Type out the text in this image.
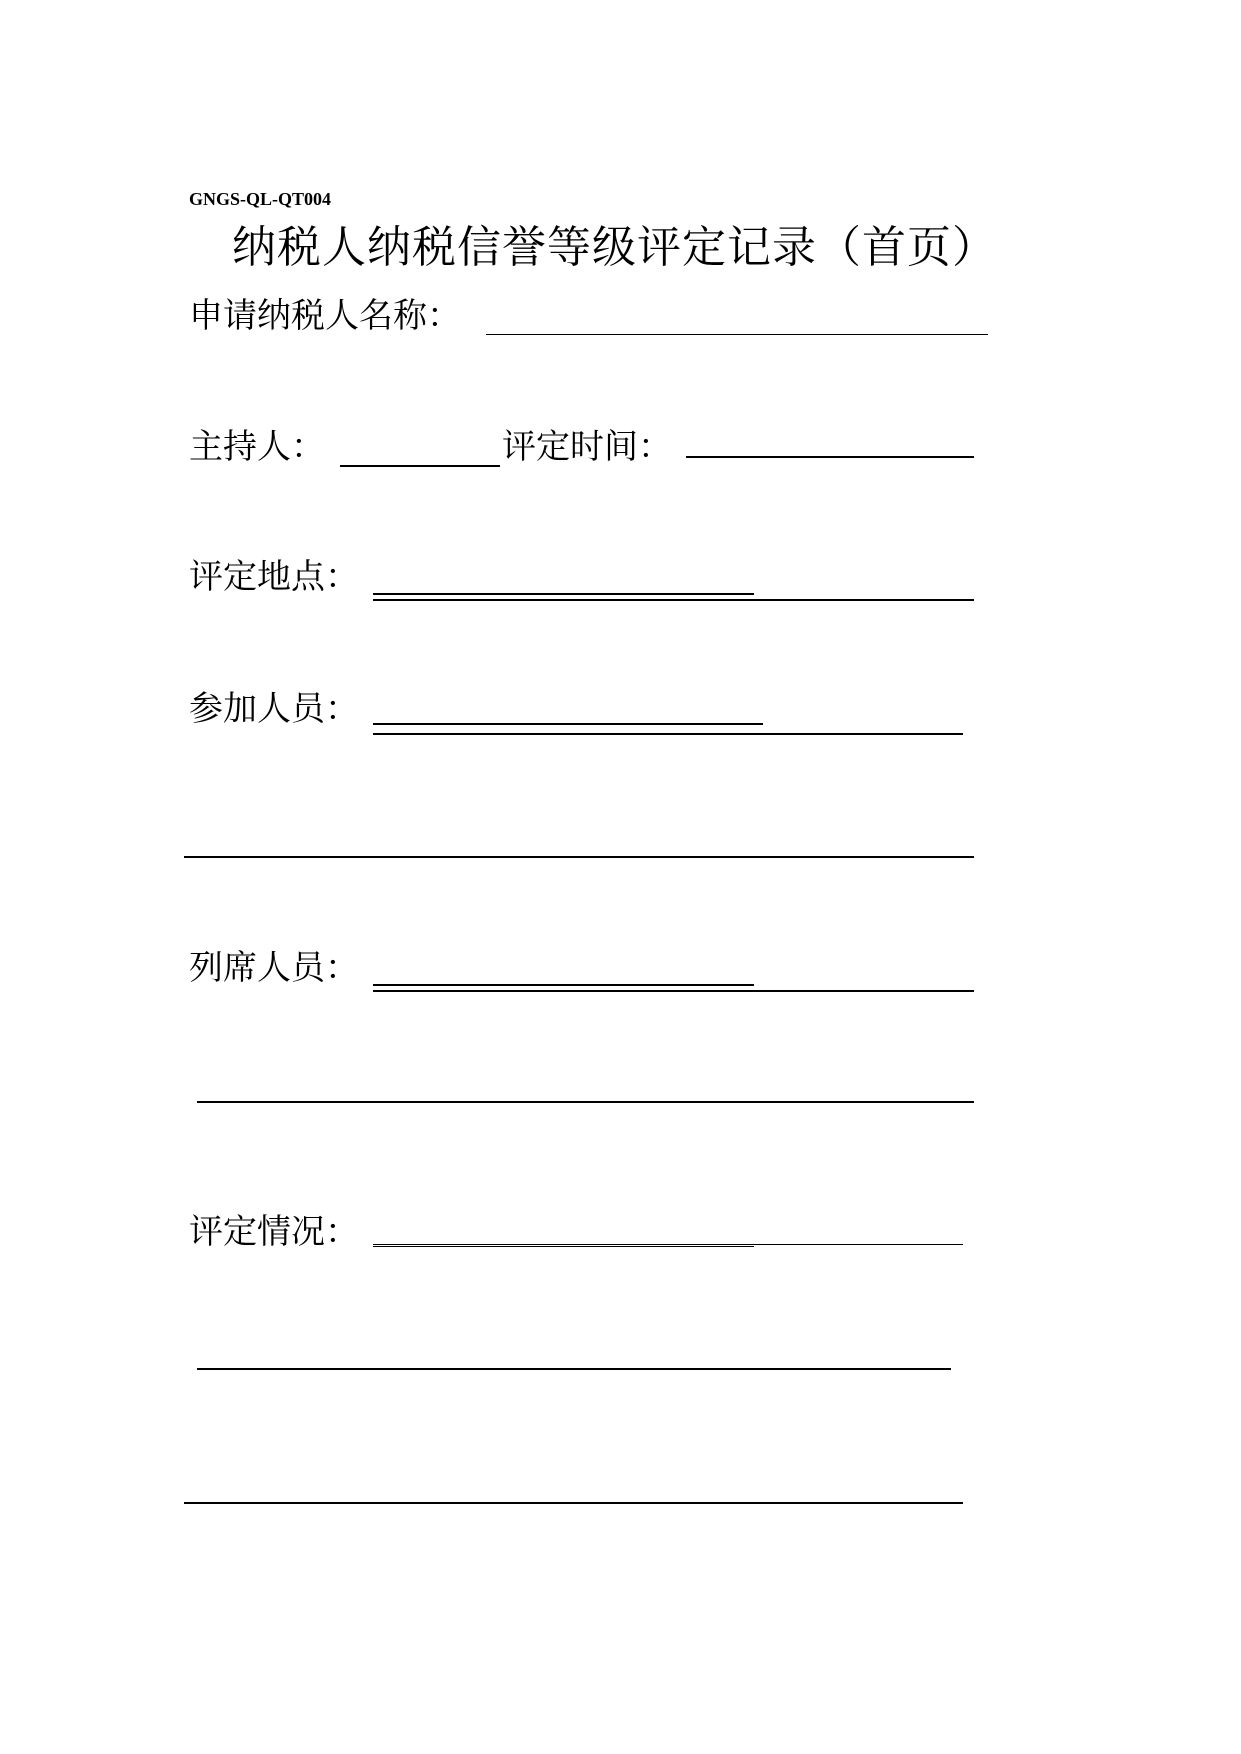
GNGS-QL-QT004
纳税人纳税信誉等级评定记录（首页）
申请纳税人名称：
主持人：	评定时间：
评定地点：
参加人员：
列席人员：
评定情况：
